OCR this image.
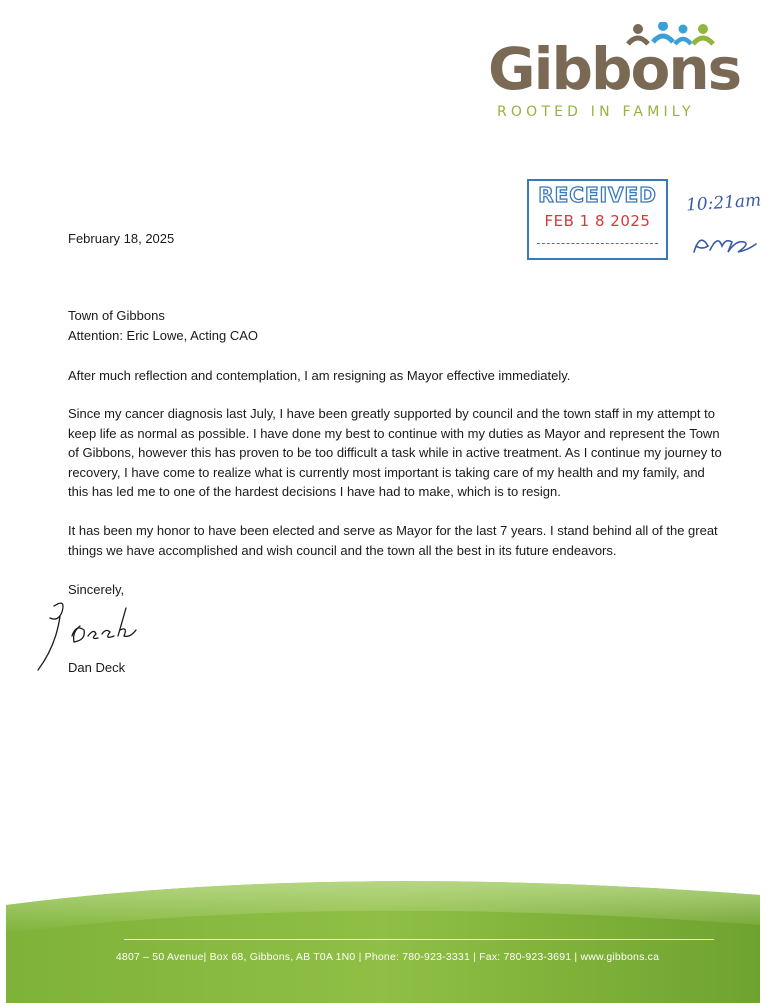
Gibbons
ROOTED IN FAMILY
RECEIVED
FEB 1 8 2025
10:21am
February 18, 2025
Town of Gibbons
Attention: Eric Lowe, Acting CAO
After much reflection and contemplation, I am resigning as Mayor effective immediately.
Since my cancer diagnosis last July, I have been greatly supported by council and the town staff in my attempt to keep life as normal as possible. I have done my best to continue with my duties as Mayor and represent the Town of Gibbons, however this has proven to be too difficult a task while in active treatment. As I continue my journey to recovery, I have come to realize what is currently most important is taking care of my health and my family, and this has led me to one of the hardest decisions I have had to make, which is to resign.
It has been my honor to have been elected and serve as Mayor for the last 7 years. I stand behind all of the great things we have accomplished and wish council and the town all the best in its future endeavors.
Sincerely,
Dan Deck
4807 – 50 Avenue| Box 68, Gibbons, AB T0A 1N0 | Phone: 780-923-3331 | Fax: 780-923-3691 | www.gibbons.ca
